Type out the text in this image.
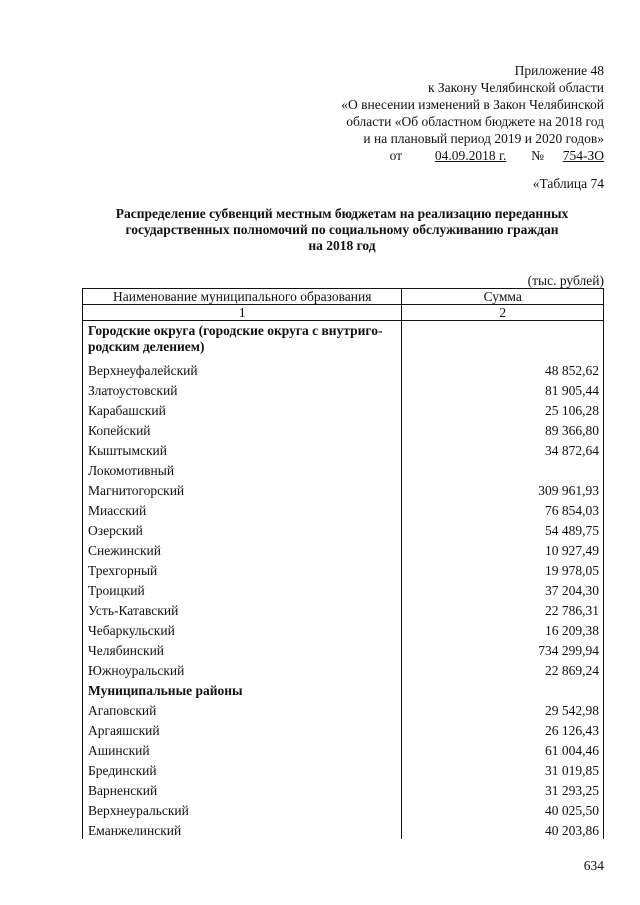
Приложение 48
к Закону Челябинской области
«О внесении изменений в Закон Челябинской
области «Об областном бюджете на 2018 год
и на плановый период 2019 и 2020 годов»
от 04.09.2018 г. № 754-ЗО
«Таблица 74
Распределение субвенций местным бюджетам на реализацию переданных
государственных полномочий по социальному обслуживанию граждан
на 2018 год
(тыс. рублей)
Наименование муниципального образования	Сумма
1	2

Городские округа (городские округа с внутриго-
родским делением)	

Верхнеуфалейский	48 852,62
Златоустовский	81 905,44
Карабашский	25 106,28
Копейский	89 366,80
Кыштымский	34 872,64
Локомотивный	
Магнитогорский	309 961,93
Миасский	76 854,03
Озерский	54 489,75
Снежинский	10 927,49
Трехгорный	19 978,05
Троицкий	37 204,30
Усть-Катавский	22 786,31
Чебаркульский	16 209,38
Челябинский	734 299,94
Южноуральский	22 869,24
Муниципальные районы	
Агаповский	29 542,98
Аргаяшский	26 126,43
Ашинский	61 004,46
Брединский	31 019,85
Варненский	31 293,25
Верхнеуральский	40 025,50
Еманжелинский	40 203,86
634
